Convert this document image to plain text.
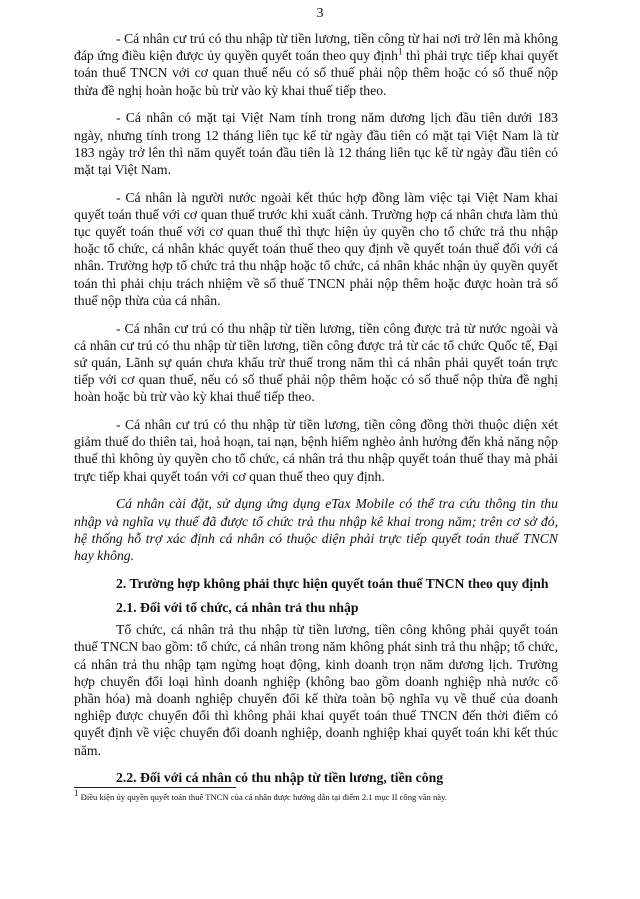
3

- Cá nhân cư trú có thu nhập từ tiền lương, tiền công từ hai nơi trở lên mà không đáp ứng điều kiện được ủy quyền quyết toán theo quy định$^1$ thì phải trực tiếp khai quyết toán thuế TNCN với cơ quan thuế nếu có số thuế phải nộp thêm hoặc có số thuế nộp thừa đề nghị hoàn hoặc bù trừ vào kỳ khai thuế tiếp theo.

- Cá nhân có mặt tại Việt Nam tính trong năm dương lịch đầu tiên dưới 183 ngày, nhưng tính trong 12 tháng liên tục kể từ ngày đầu tiên có mặt tại Việt Nam là từ 183 ngày trở lên thì năm quyết toán đầu tiên là 12 tháng liên tục kể từ ngày đầu tiên có mặt tại Việt Nam.

- Cá nhân là người nước ngoài kết thúc hợp đồng làm việc tại Việt Nam khai quyết toán thuế với cơ quan thuế trước khi xuất cảnh. Trường hợp cá nhân chưa làm thủ tục quyết toán thuế với cơ quan thuế thì thực hiện ủy quyền cho tổ chức trả thu nhập hoặc tổ chức, cá nhân khác quyết toán thuế theo quy định về quyết toán thuế đối với cá nhân. Trường hợp tổ chức trả thu nhập hoặc tổ chức, cá nhân khác nhận ủy quyền quyết toán thì phải chịu trách nhiệm về số thuế TNCN phải nộp thêm hoặc được hoàn trả số thuế nộp thừa của cá nhân.

- Cá nhân cư trú có thu nhập từ tiền lương, tiền công được trả từ nước ngoài và cá nhân cư trú có thu nhập từ tiền lương, tiền công được trả từ các tổ chức Quốc tế, Đại sứ quán, Lãnh sự quán chưa khấu trừ thuế trong năm thì cá nhân phải quyết toán trực tiếp với cơ quan thuế, nếu có số thuế phải nộp thêm hoặc có số thuế nộp thừa đề nghị hoàn hoặc bù trừ vào kỳ khai thuế tiếp theo.

- Cá nhân cư trú có thu nhập từ tiền lương, tiền công đồng thời thuộc diện xét giảm thuế do thiên tai, hoả hoạn, tai nạn, bệnh hiểm nghèo ảnh hưởng đến khả năng nộp thuế thì không ủy quyền cho tổ chức, cá nhân trả thu nhập quyết toán thuế thay mà phải trực tiếp khai quyết toán với cơ quan thuế theo quy định.

Cá nhân cài đặt, sử dụng ứng dụng eTax Mobile có thể tra cứu thông tin thu nhập và nghĩa vụ thuế đã được tổ chức trả thu nhập kê khai trong năm; trên cơ sở đó, hệ thống hỗ trợ xác định cá nhân có thuộc diện phải trực tiếp quyết toán thuế TNCN hay không.

2. Trường hợp không phải thực hiện quyết toán thuế TNCN theo quy định
2.1. Đối với tổ chức, cá nhân trả thu nhập

Tổ chức, cá nhân trả thu nhập từ tiền lương, tiền công không phải quyết toán thuế TNCN bao gồm: tổ chức, cá nhân trong năm không phát sinh trả thu nhập; tổ chức, cá nhân trả thu nhập tạm ngừng hoạt động, kinh doanh trọn năm dương lịch. Trường hợp chuyển đổi loại hình doanh nghiệp (không bao gồm doanh nghiệp nhà nước cổ phần hóa) mà doanh nghiệp chuyển đổi kế thừa toàn bộ nghĩa vụ về thuế của doanh nghiệp được chuyển đổi thì không phải khai quyết toán thuế TNCN đến thời điểm có quyết định về việc chuyển đổi doanh nghiệp, doanh nghiệp khai quyết toán khi kết thúc năm.

2.2. Đối với cá nhân có thu nhập từ tiền lương, tiền công
$^1$ Điều kiện ủy quyền quyết toán thuế TNCN của cá nhân được hướng dẫn tại điểm 2.1 mục II công văn này.
